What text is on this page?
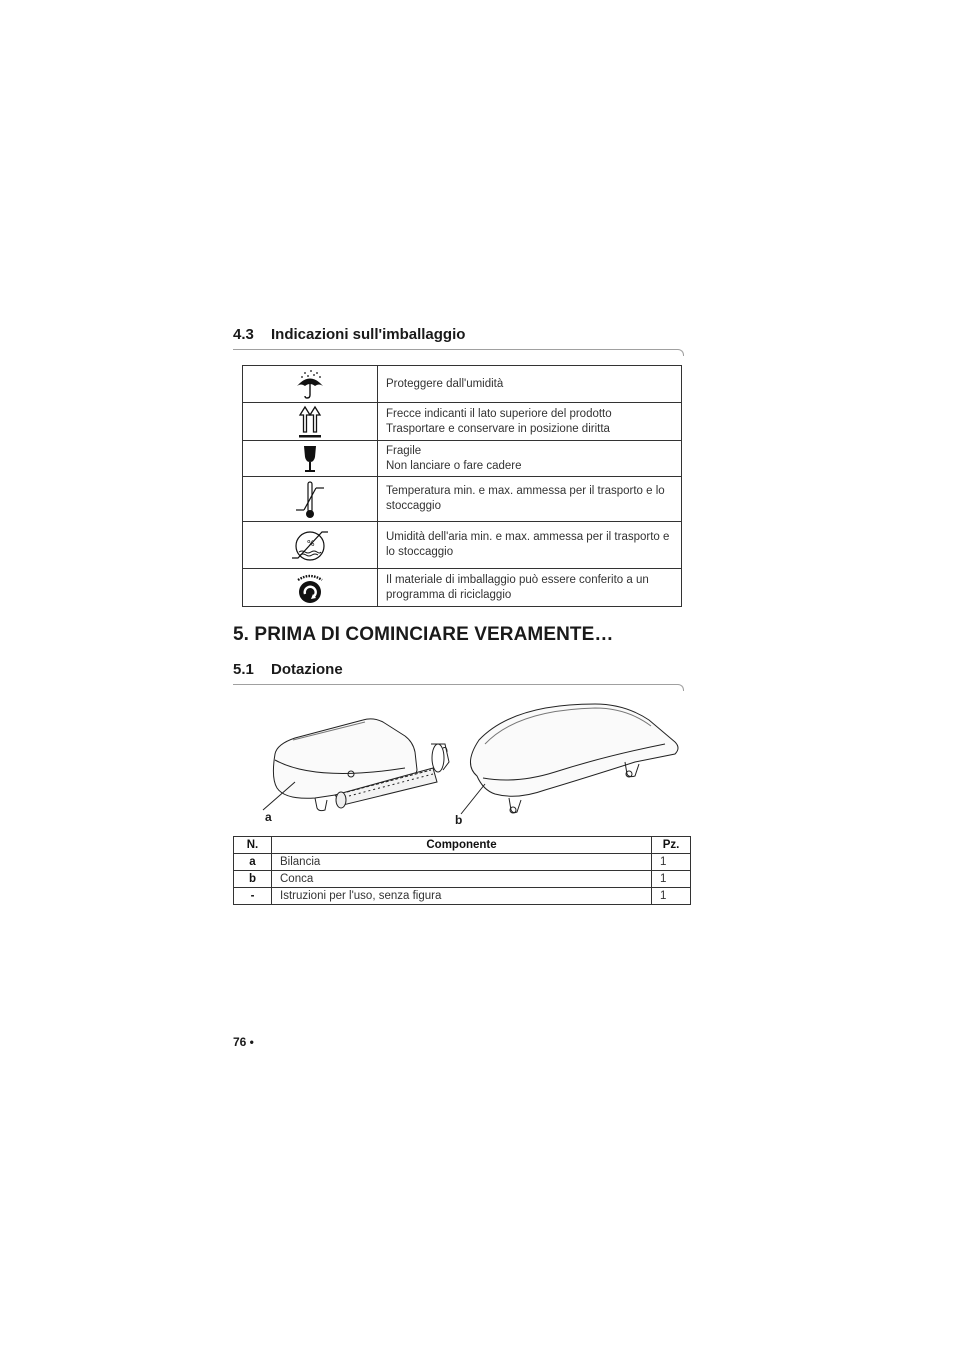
4.3 Indicazioni sull'imballaggio

Proteggere dall'umidità

Frecce indicanti il lato superiore del prodotto
Trasportare e conservare in posizione diritta

Fragile
Non lanciare o fare cadere

Temperatura min. e max. ammessa per il trasporto e lo
stoccaggio

%	Umidità dell'aria min. e max. ammessa per il trasporto e
lo stoccaggio

Il materiale di imballaggio può essere conferito a un
programma di riciclaggio
5. PRIMA DI COMINCIARE VERAMENTE…
5.1 Dotazione
a	b
N.	Componente	Pz.
a	Bilancia	1
b	Conca	1
-	Istruzioni per l'uso, senza figura	1
76 •
